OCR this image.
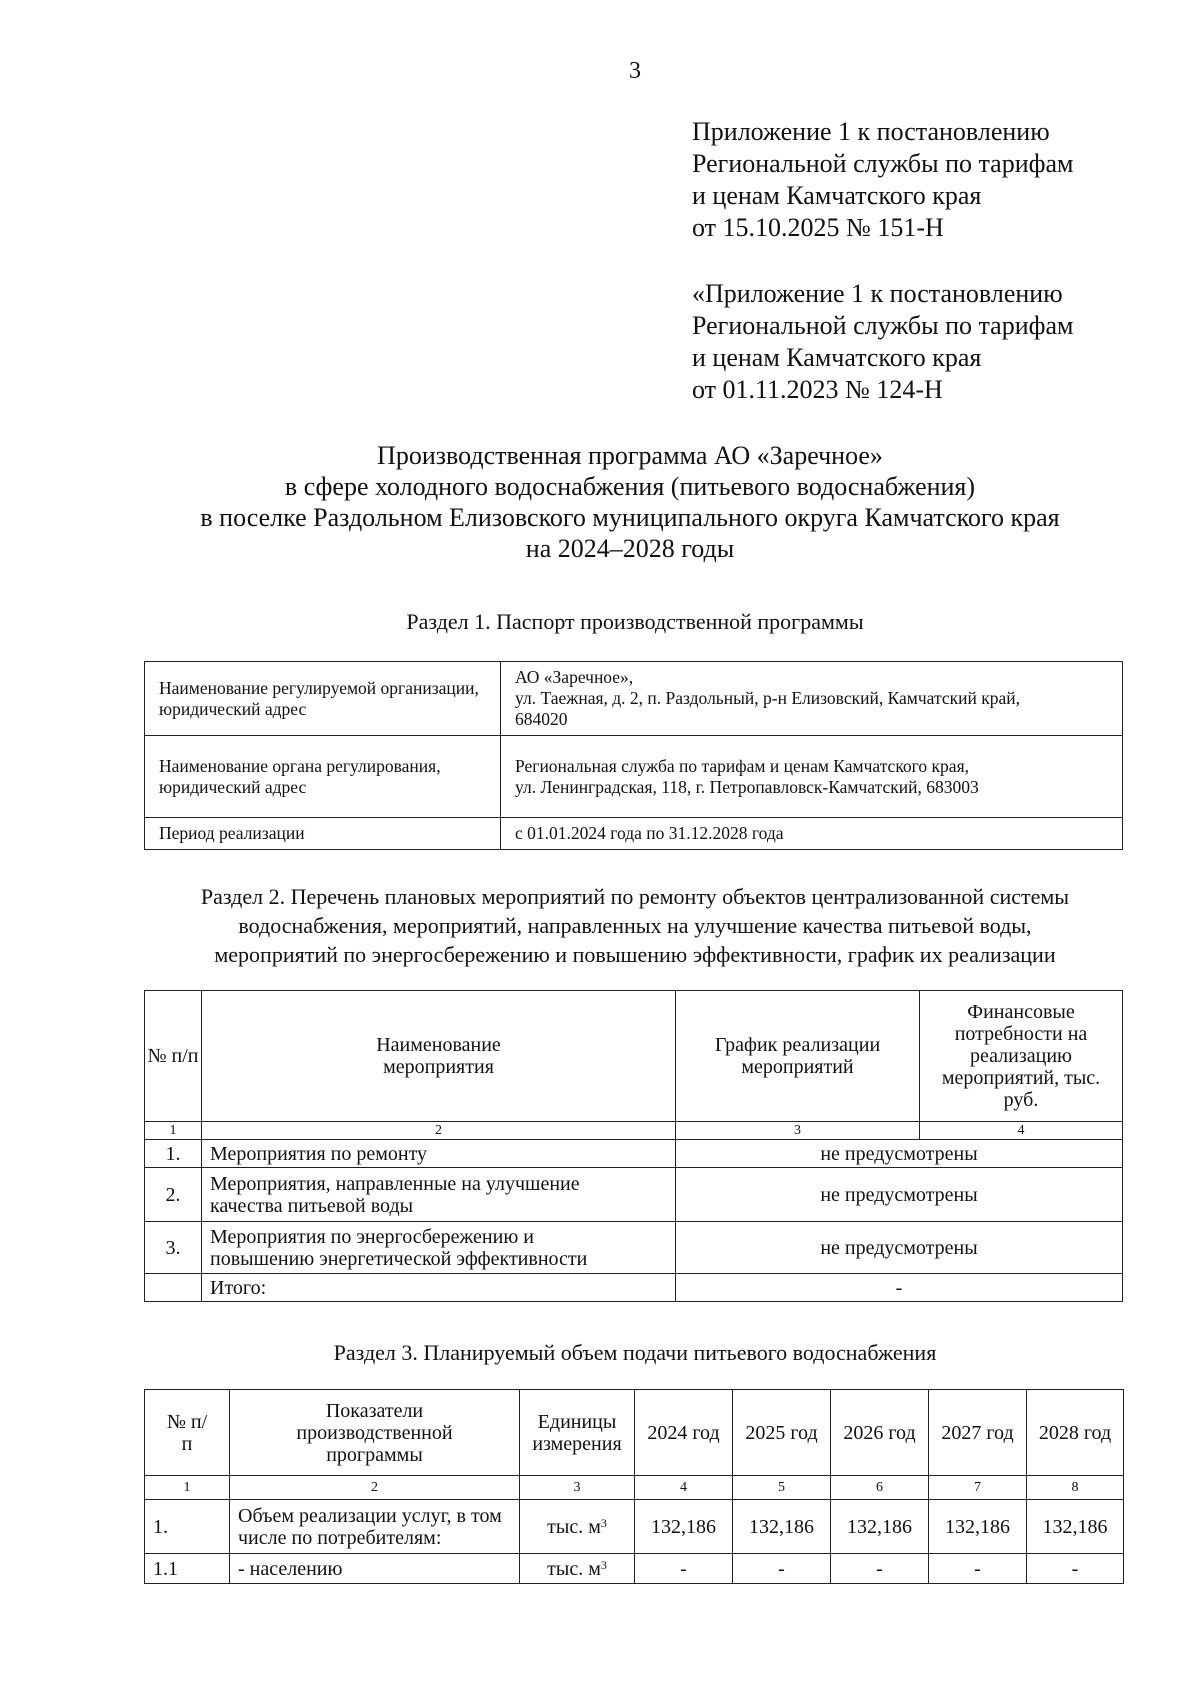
3
Приложение 1 к постановлению
Региональной службы по тарифам
и ценам Камчатского края
от 15.10.2025 № 151-Н
«Приложение 1 к постановлению
Региональной службы по тарифам
и ценам Камчатского края
от 01.11.2023 № 124-Н
Производственная программа АО «Заречное»
в сфере холодного водоснабжения (питьевого водоснабжения)
в поселке Раздольном Елизовского муниципального округа Камчатского края
на 2024–2028 годы
Раздел 1. Паспорт производственной программы
Наименование регулируемой организации, юридический адрес	АО «Заречное»,
ул. Таежная, д. 2, п. Раздольный, р-н Елизовский, Камчатский край,
684020

Наименование органа регулирования, юридический адрес	Региональная служба по тарифам и ценам Камчатского края,
ул. Ленинградская, 118, г. Петропавловск-Камчатский, 683003

Период реализации	с 01.01.2024 года по 31.12.2028 года
Раздел 2. Перечень плановых мероприятий по ремонту объектов централизованной системы
водоснабжения, мероприятий, направленных на улучшение качества питьевой воды,
мероприятий по энергосбережению и повышению эффективности, график их реализации
№ п/п	Наименование мероприятия	График реализации мероприятий	Финансовые потребности на реализацию мероприятий, тыс. руб.
1	2	3	4
1.	Мероприятия по ремонту	не предусмотрены	
2.	Мероприятия, направленные на улучшение качества питьевой воды	не предусмотрены	
3.	Мероприятия по энергосбережению и повышению энергетической эффективности	не предусмотрены	
	Итого:	-	
Раздел 3. Планируемый объем подачи питьевого водоснабжения
№ п/п	Показатели производственной программы	Единицы измерения	2024 год	2025 год	2026 год	2027 год	2028 год
1	2	3	4	5	6	7	8
1.	Объем реализации услуг, в том числе по потребителям:	тыс. $м^3$	132,186	132,186	132,186	132,186	132,186
1.1	- населению	тыс. $м^3$	-	-	-	-	-
